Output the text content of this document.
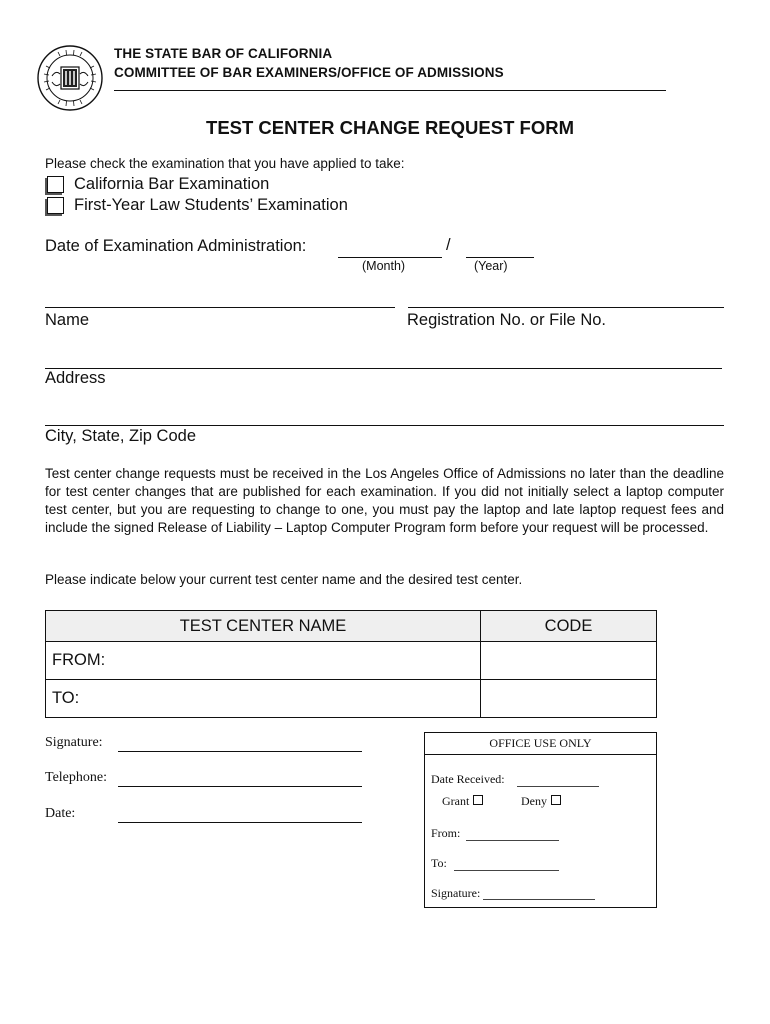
THE STATE BAR OF CALIFORNIA
COMMITTEE OF BAR EXAMINERS/OFFICE OF ADMISSIONS
TEST CENTER CHANGE REQUEST FORM
Please check the examination that you have applied to take:
California Bar Examination
First-Year Law Students’ Examination
Date of Examination Administration:	/
(Month)	(Year)
Name	Registration No. or File No.
Address
City, State, Zip Code
Test center change requests must be received in the Los Angeles Office of Admissions no later than the deadline for test center changes that are published for each examination. If you did not initially select a laptop computer test center, but you are requesting to change to one, you must pay the laptop and late laptop request fees and include the signed Release of Liability – Laptop Computer Program form before your request will be processed.
Please indicate below your current test center name and the desired test center.
TEST CENTER NAME	CODE
FROM:	
TO:	
Signature:
Telephone:
Date:
OFFICE USE ONLY
Date Received:
Grant	Deny
From:
To:
Signature:
